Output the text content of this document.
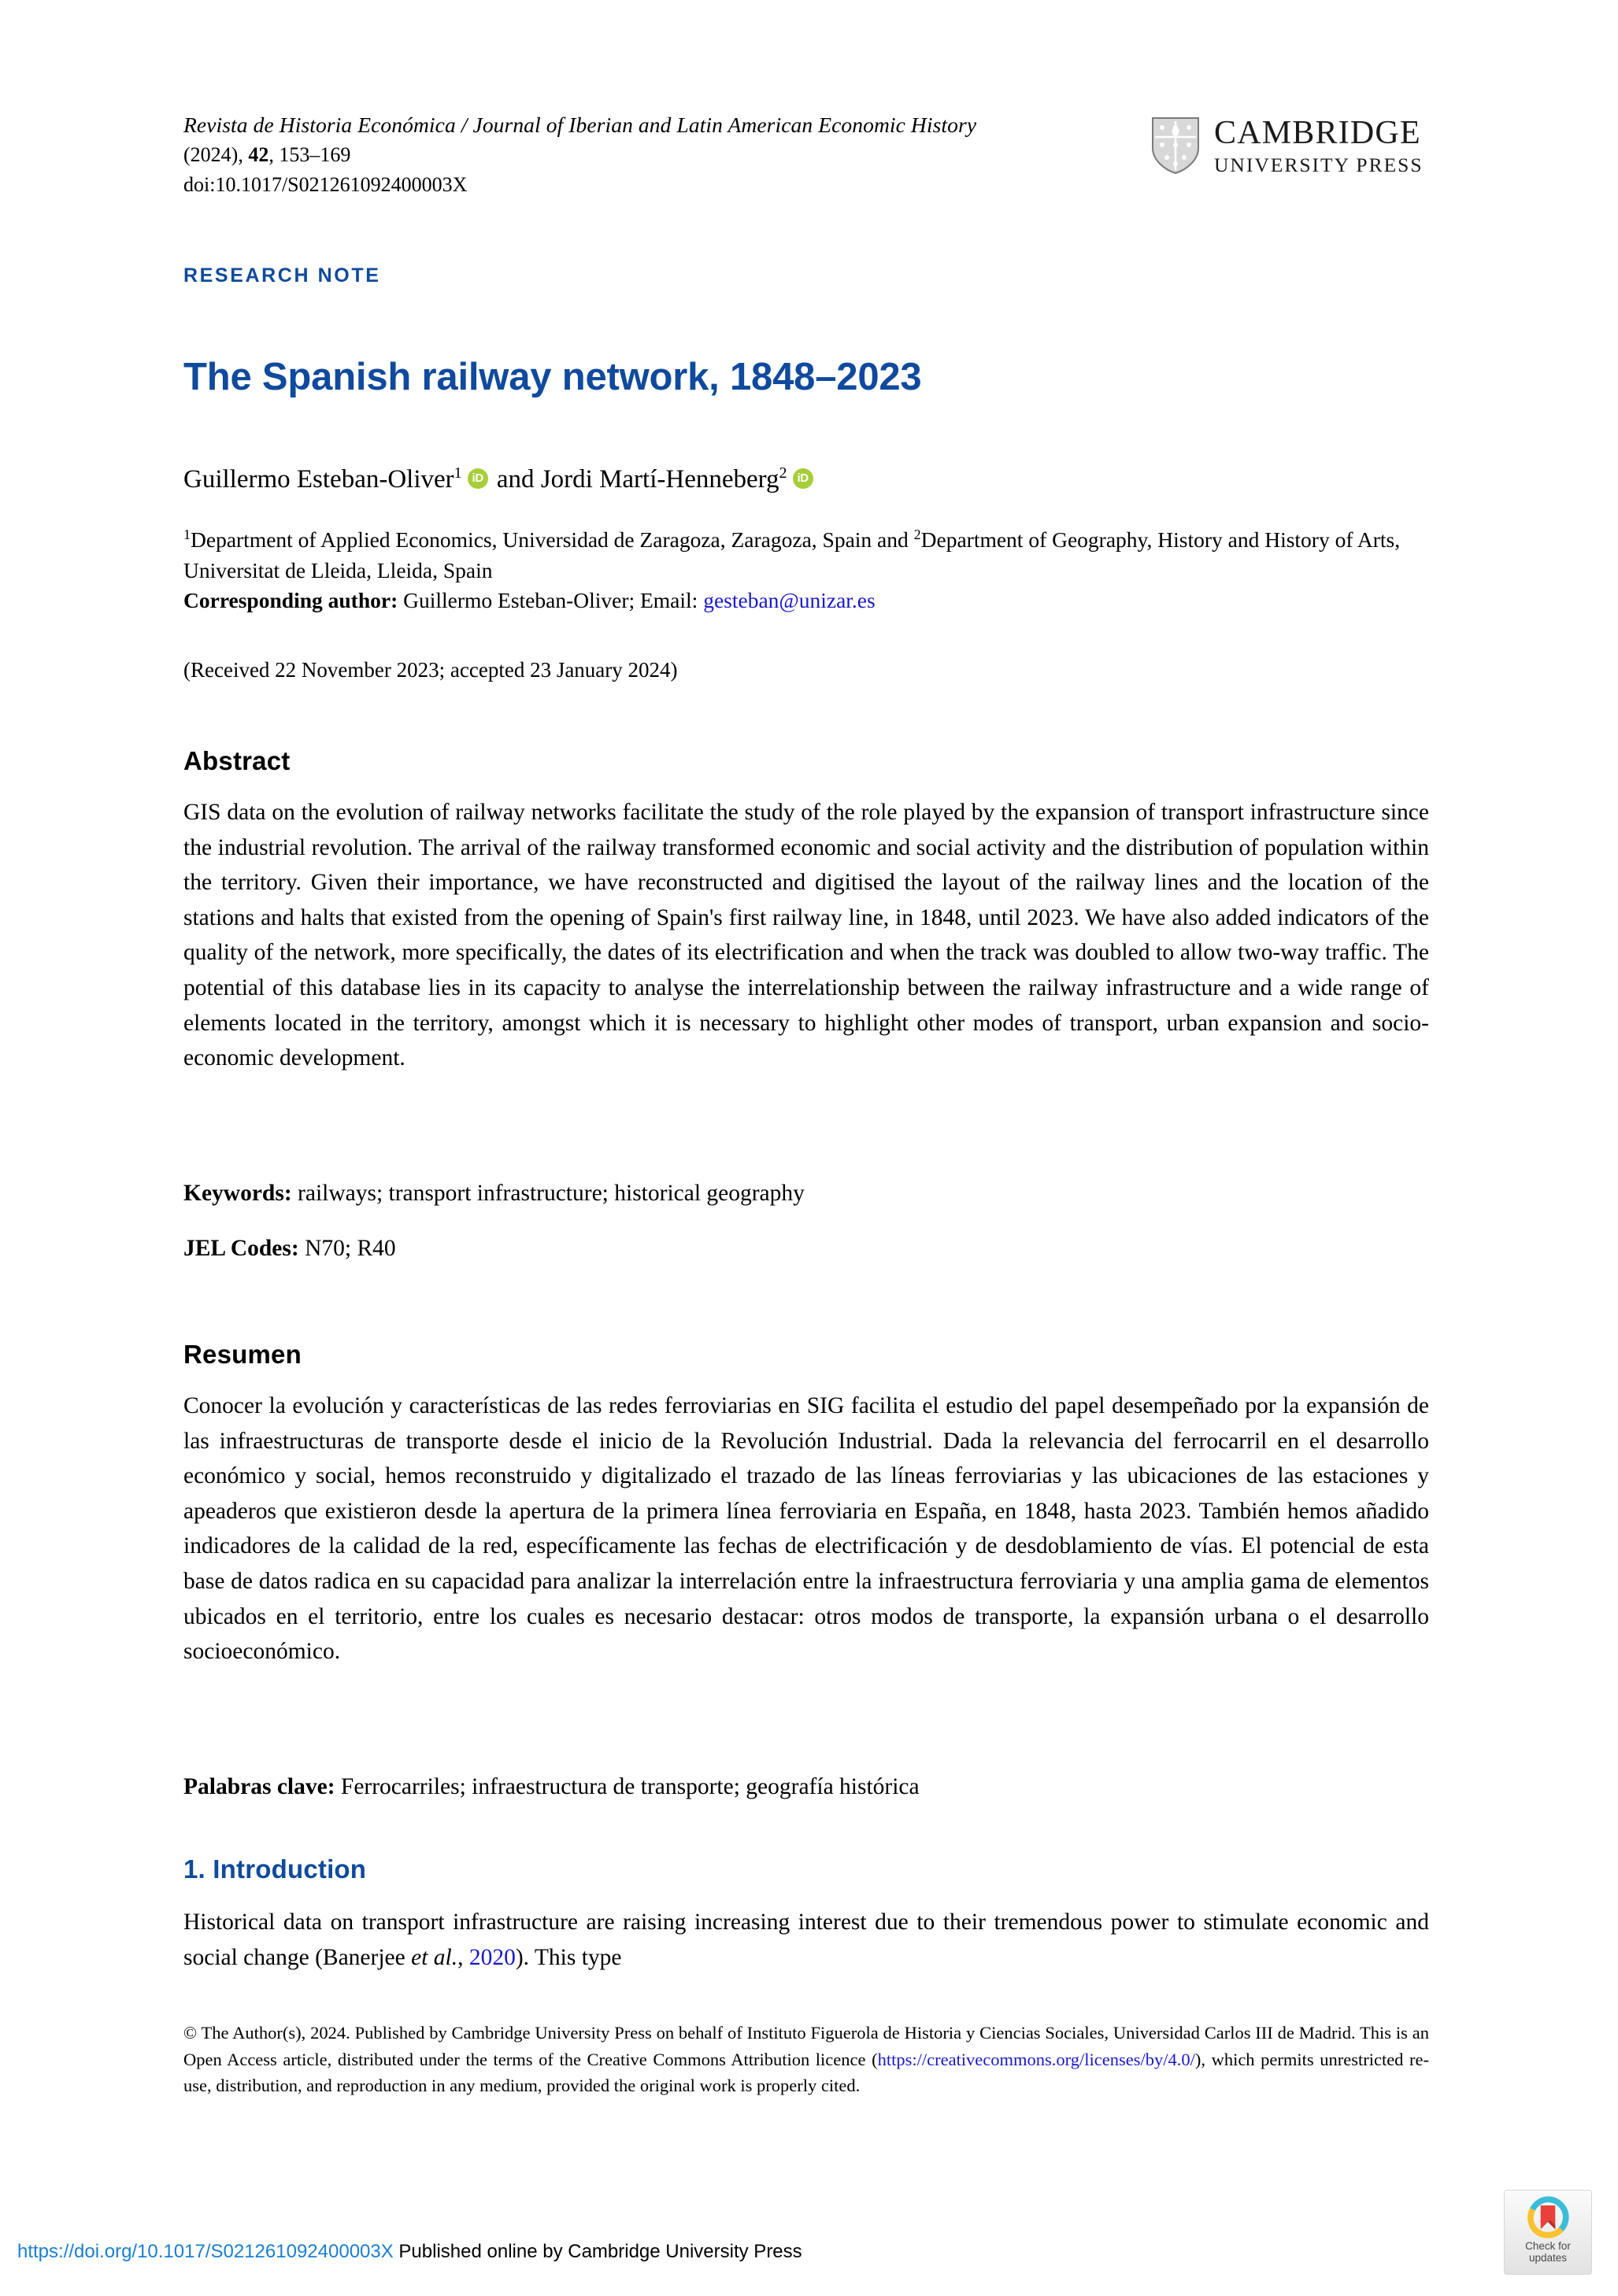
Revista de Historia Económica / Journal of Iberian and Latin American Economic History
(2024), 42, 153–169
doi:10.1017/S021261092400003X
CAMBRIDGE
UNIVERSITY PRESS
RESEARCH NOTE
The Spanish railway network, 1848–2023
Guillermo Esteban-Oliver$^1$iD and Jordi Martí-Henneberg$^2$iD
$^1$Department of Applied Economics, Universidad de Zaragoza, Zaragoza, Spain and $^2$Department of Geography, History and History of Arts, Universitat de Lleida, Lleida, Spain
Corresponding author: Guillermo Esteban-Oliver; Email: gesteban@unizar.es
(Received 22 November 2023; accepted 23 January 2024)
Abstract
GIS data on the evolution of railway networks facilitate the study of the role played by the expansion of transport infrastructure since the industrial revolution. The arrival of the railway transformed economic and social activity and the distribution of population within the territory. Given their importance, we have reconstructed and digitised the layout of the railway lines and the location of the stations and halts that existed from the opening of Spain's first railway line, in 1848, until 2023. We have also added indicators of the quality of the network, more specifically, the dates of its electrification and when the track was doubled to allow two-way traffic. The potential of this database lies in its capacity to analyse the interrelationship between the railway infrastructure and a wide range of elements located in the territory, amongst which it is necessary to highlight other modes of transport, urban expansion and socio-economic development.
Keywords: railways; transport infrastructure; historical geography
JEL Codes: N70; R40
Resumen
Conocer la evolución y características de las redes ferroviarias en SIG facilita el estudio del papel desempeñado por la expansión de las infraestructuras de transporte desde el inicio de la Revolución Industrial. Dada la relevancia del ferrocarril en el desarrollo económico y social, hemos reconstruido y digitalizado el trazado de las líneas ferroviarias y las ubicaciones de las estaciones y apeaderos que existieron desde la apertura de la primera línea ferroviaria en España, en 1848, hasta 2023. También hemos añadido indicadores de la calidad de la red, específicamente las fechas de electrificación y de desdoblamiento de vías. El potencial de esta base de datos radica en su capacidad para analizar la interrelación entre la infraestructura ferroviaria y una amplia gama de elementos ubicados en el territorio, entre los cuales es necesario destacar: otros modos de transporte, la expansión urbana o el desarrollo socioeconómico.
Palabras clave: Ferrocarriles; infraestructura de transporte; geografía histórica
1. Introduction
Historical data on transport infrastructure are raising increasing interest due to their tremendous power to stimulate economic and social change (Banerjee et al., 2020). This type
© The Author(s), 2024. Published by Cambridge University Press on behalf of Instituto Figuerola de Historia y Ciencias Sociales, Universidad Carlos III de Madrid. This is an Open Access article, distributed under the terms of the Creative Commons Attribution licence (https://creativecommons.org/licenses/by/4.0/), which permits unrestricted re-use, distribution, and reproduction in any medium, provided the original work is properly cited.
https://doi.org/10.1017/S021261092400003X Published online by Cambridge University Press	Check for
updates
